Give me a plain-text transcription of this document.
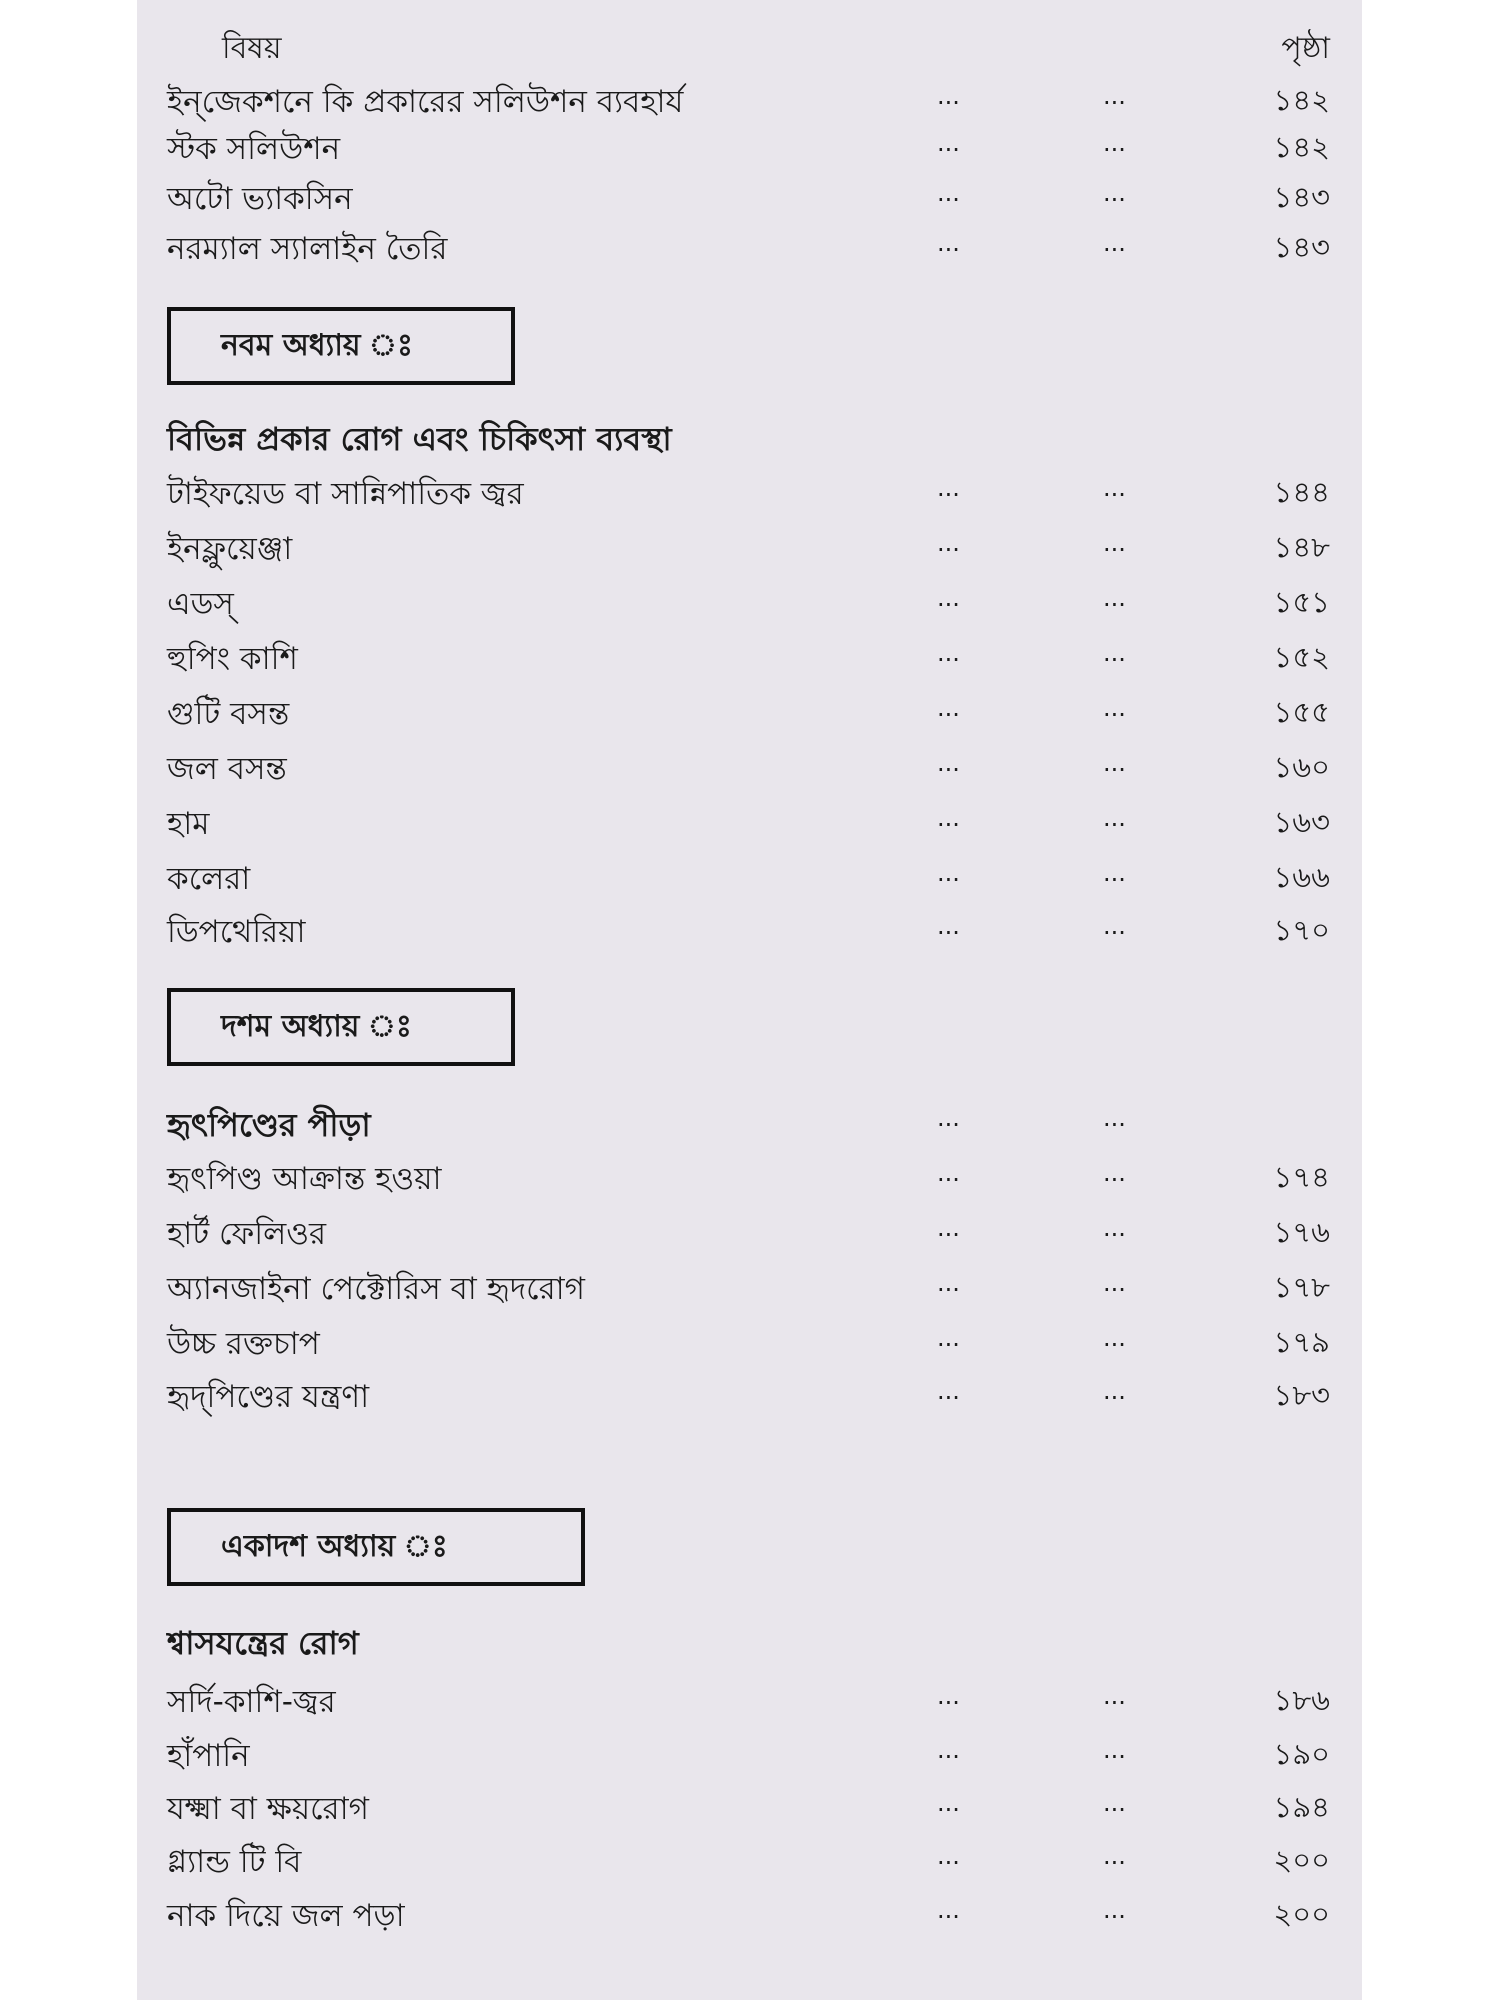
বিষয়	পৃষ্ঠা
ইন্‌জেকশনে কি প্রকারের সলিউশন ব্যবহার্য	...	...	১৪২
স্টক সলিউশন	...	...	১৪২
অটো ভ্যাকসিন	...	...	১৪৩
নরম্যাল স্যালাইন তৈরি	...	...	১৪৩
নবম অধ্যায় ঃ
বিভিন্ন প্রকার রোগ এবং চিকিৎসা ব্যবস্থা
টাইফয়েড বা সান্নিপাতিক জ্বর	...	...	১৪৪
ইনফ্লুয়েঞ্জা	...	...	১৪৮
এডস্	...	...	১৫১
হুপিং কাশি	...	...	১৫২
গুটি বসন্ত	...	...	১৫৫
জল বসন্ত	...	...	১৬০
হাম	...	...	১৬৩
কলেরা	...	...	১৬৬
ডিপথেরিয়া	...	...	১৭০
দশম অধ্যায় ঃ
হৃৎপিণ্ডের পীড়া	...	...
হৃৎপিণ্ড আক্রান্ত হওয়া	...	...	১৭৪
হার্ট ফেলিওর	...	...	১৭৬
অ্যানজাইনা পেক্টোরিস বা হৃদরোগ	...	...	১৭৮
উচ্চ রক্তচাপ	...	...	১৭৯
হৃদ্‌পিণ্ডের যন্ত্রণা	...	...	১৮৩
একাদশ অধ্যায় ঃ
শ্বাসযন্ত্রের রোগ
সর্দি-কাশি-জ্বর	...	...	১৮৬
হাঁপানি	...	...	১৯০
যক্ষ্মা বা ক্ষয়রোগ	...	...	১৯৪
গ্ল্যান্ড টি বি	...	...	২০০
নাক দিয়ে জল পড়া	...	...	২০০
